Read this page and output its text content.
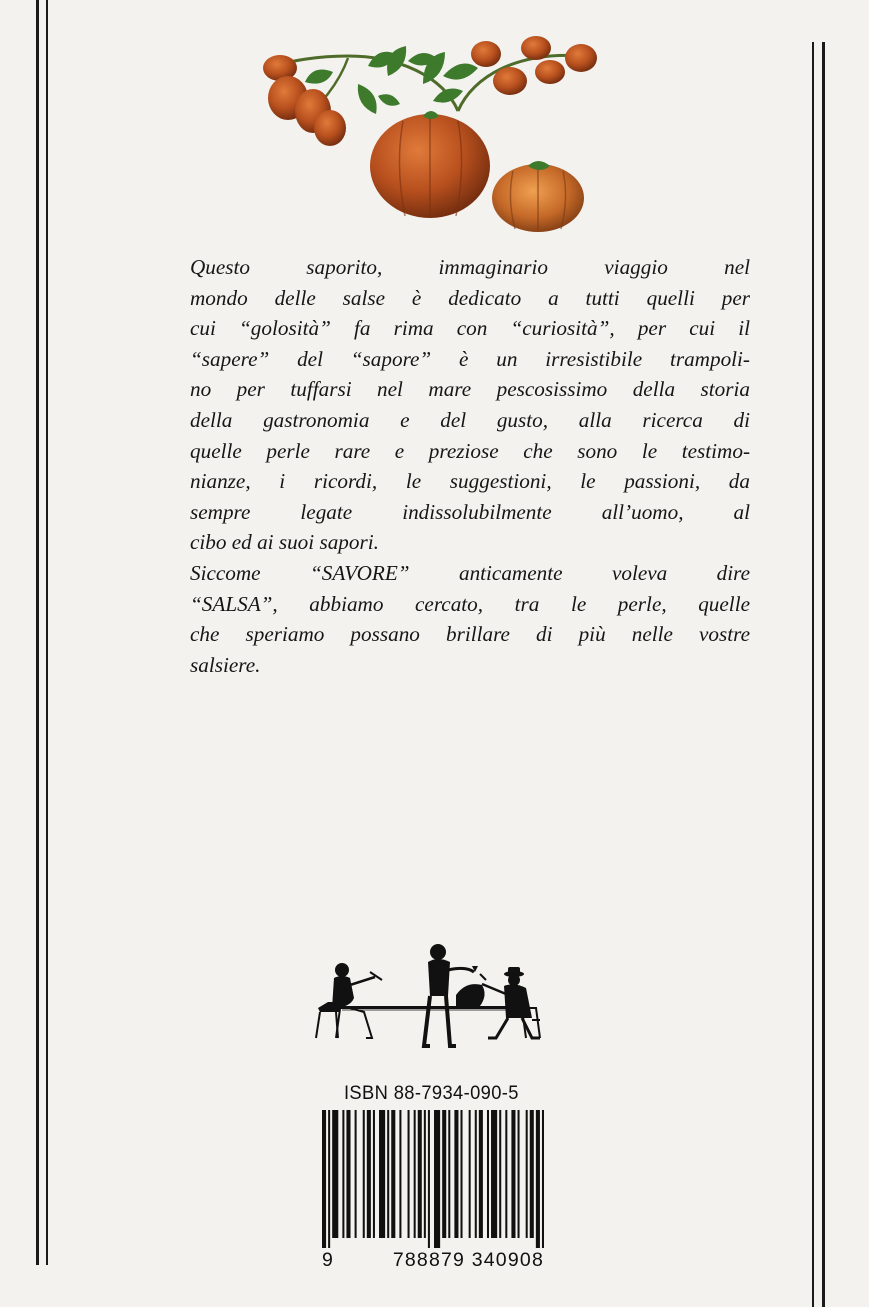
Questo saporito, immaginario viaggio nel
mondo delle salse è dedicato a tutti quelli per
cui “golosità” fa rima con “curiosità”, per cui il
“sapere” del “sapore” è un irresistibile trampoli-
no per tuffarsi nel mare pescosissimo della storia
della gastronomia e del gusto, alla ricerca di
quelle perle rare e preziose che sono le testimo-
nianze, i ricordi, le suggestioni, le passioni, da
sempre legate indissolubilmente all’uomo, al
cibo ed ai suoi sapori.
Siccome “SAVORE” anticamente voleva dire
“SALSA”, abbiamo cercato, tra le perle, quelle
che speriamo possano brillare di più nelle vostre
salsiere.
ISBN 88-7934-090-5
9	788879 340908
